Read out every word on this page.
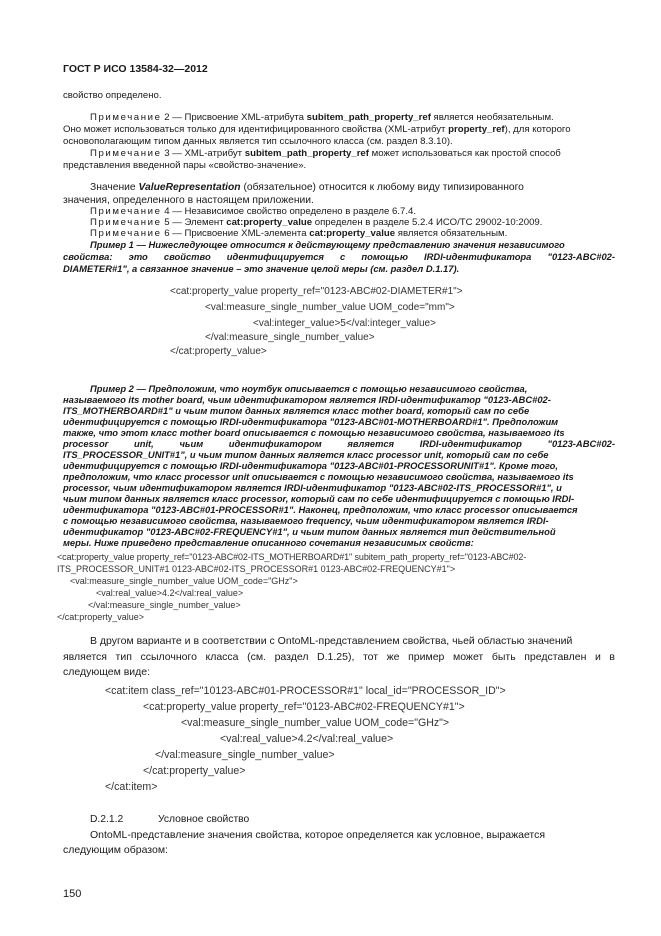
ГОСТ Р ИСО 13584-32—2012
свойство определено.
Примечание 2 — Присвоение XML-атрибута subitem_path_property_ref является необязательным.
Оно может использоваться только для идентифицированного свойства (XML-атрибут property_ref), для которого
основополагающим типом данных является тип ссылочного класса (см. раздел 8.3.10).
Примечание 3 — XML-атрибут subitem_path_property_ref может использоваться как простой способ
представления введенной пары «свойство-значение».
Значение ValueRepresentation (обязательное) относится к любому виду типизированного
значения, определенного в настоящем приложении.
Примечание 4 — Независимое свойство определено в разделе 6.7.4.
Примечание 5 — Элемент cat:property_value определен в разделе 5.2.4 ИСО/ТС 29002-10:2009.
Примечание 6 — Присвоение XML-элемента cat:property_value является обязательным.
Пример 1 — Нижеследующее относится к действующему представлению значения независимого
свойства: это свойство идентифицируется с помощью IRDI-идентификатора "0123-ABC#02-
DIAMETER#1", а связанное значение – это значение целой меры (см. раздел D.1.17).
<cat:property_value property_ref="0123-ABC#02-DIAMETER#1">
<val:measure_single_number_value UOM_code="mm">
<val:integer_value>5</val:integer_value>
</val:measure_single_number_value>
</cat:property_value>
Пример 2 — Предположим, что ноутбук описывается с помощью независимого свойства,
называемого its mother board, чьим идентификатором является IRDI-идентификатор "0123-ABC#02-
ITS_MOTHERBOARD#1" и чьим типом данных является класс mother board, который сам по себе
идентифицируется с помощью IRDI-идентификатора "0123-ABC#01-MOTHERBOARD#1". Предположим
также, что этот класс mother board описывается с помощью независимого свойства, называемого its
processor unit, чьим идентификатором является IRDI-идентификатор "0123-ABC#02-
ITS_PROCESSOR_UNIT#1", и чьим типом данных является класс processor unit, который сам по себе
идентифицируется с помощью IRDI-идентификатора "0123-ABC#01-PROCESSORUNIT#1". Кроме того,
предположим, что класс processor unit описывается с помощью независимого свойства, называемого its
processor, чьим идентификатором является IRDI-идентификатор "0123-ABC#02-ITS_PROCESSOR#1", и
чьим типом данных является класс processor, который сам по себе идентифицируется с помощью IRDI-
идентификатора "0123-ABC#01-PROCESSOR#1". Наконец, предположим, что класс processor описывается
с помощью независимого свойства, называемого frequency, чьим идентификатором является IRDI-
идентификатор "0123-ABC#02-FREQUENCY#1", и чьим типом данных является тип действительной
меры. Ниже приведено представление описанного сочетания независимых свойств:
<cat:property_value property_ref="0123-ABC#02-ITS_MOTHERBOARD#1" subitem_path_property_ref="0123-ABC#02-
ITS_PROCESSOR_UNIT#1 0123-ABC#02-ITS_PROCESSOR#1 0123-ABC#02-FREQUENCY#1">
<val:measure_single_number_value UOM_code="GHz">
<val:real_value>4.2</val:real_value>
</val:measure_single_number_value>
</cat:property_value>
В другом варианте и в соответствии с OntoML-представлением свойства, чьей областью значений
является тип ссылочного класса (см. раздел D.1.25), тот же пример может быть представлен и в
следующем виде:
<cat:item class_ref="10123-ABC#01-PROCESSOR#1" local_id="PROCESSOR_ID">
<cat:property_value property_ref="0123-ABC#02-FREQUENCY#1">
<val:measure_single_number_value UOM_code="GHz">
<val:real_value>4.2</val:real_value>
</val:measure_single_number_value>
</cat:property_value>
</cat:item>
D.2.1.2	Условное свойство
OntoML-представление значения свойства, которое определяется как условное, выражается
следующим образом:
150
